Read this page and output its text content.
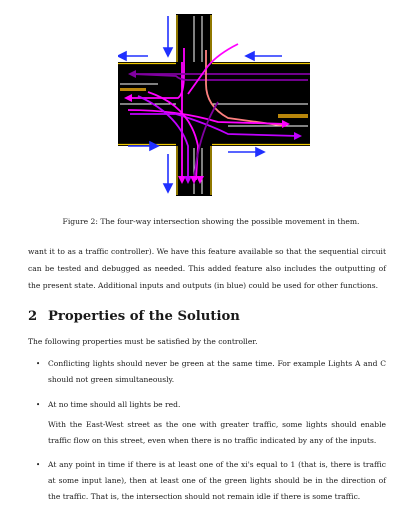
Figure 2: The four-way intersection showing the possible movement in them.

want it to as a traffic controller). We have this feature available so that the sequential circuit can be tested and debugged as needed. This added feature also includes the outputting of the present state. Additional inputs and outputs (in blue) could be used for other functions.

2 Properties of the Solution

The following properties must be satisfied by the controller.

• Conflicting lights should never be green at the same time. For example Lights A and C should not green simultaneously.
• At no time should all lights be red.
With the East-West street as the one with greater traffic, some lights should enable traffic flow on this street, even when there is no traffic indicated by any of the inputs.
• At any point in time if there is at least one of the xi's equal to 1 (that is, there is traffic at some input lane), then at least one of the green lights should be in the direction of the traffic. That is, the intersection should not remain idle if there is some traffic.
